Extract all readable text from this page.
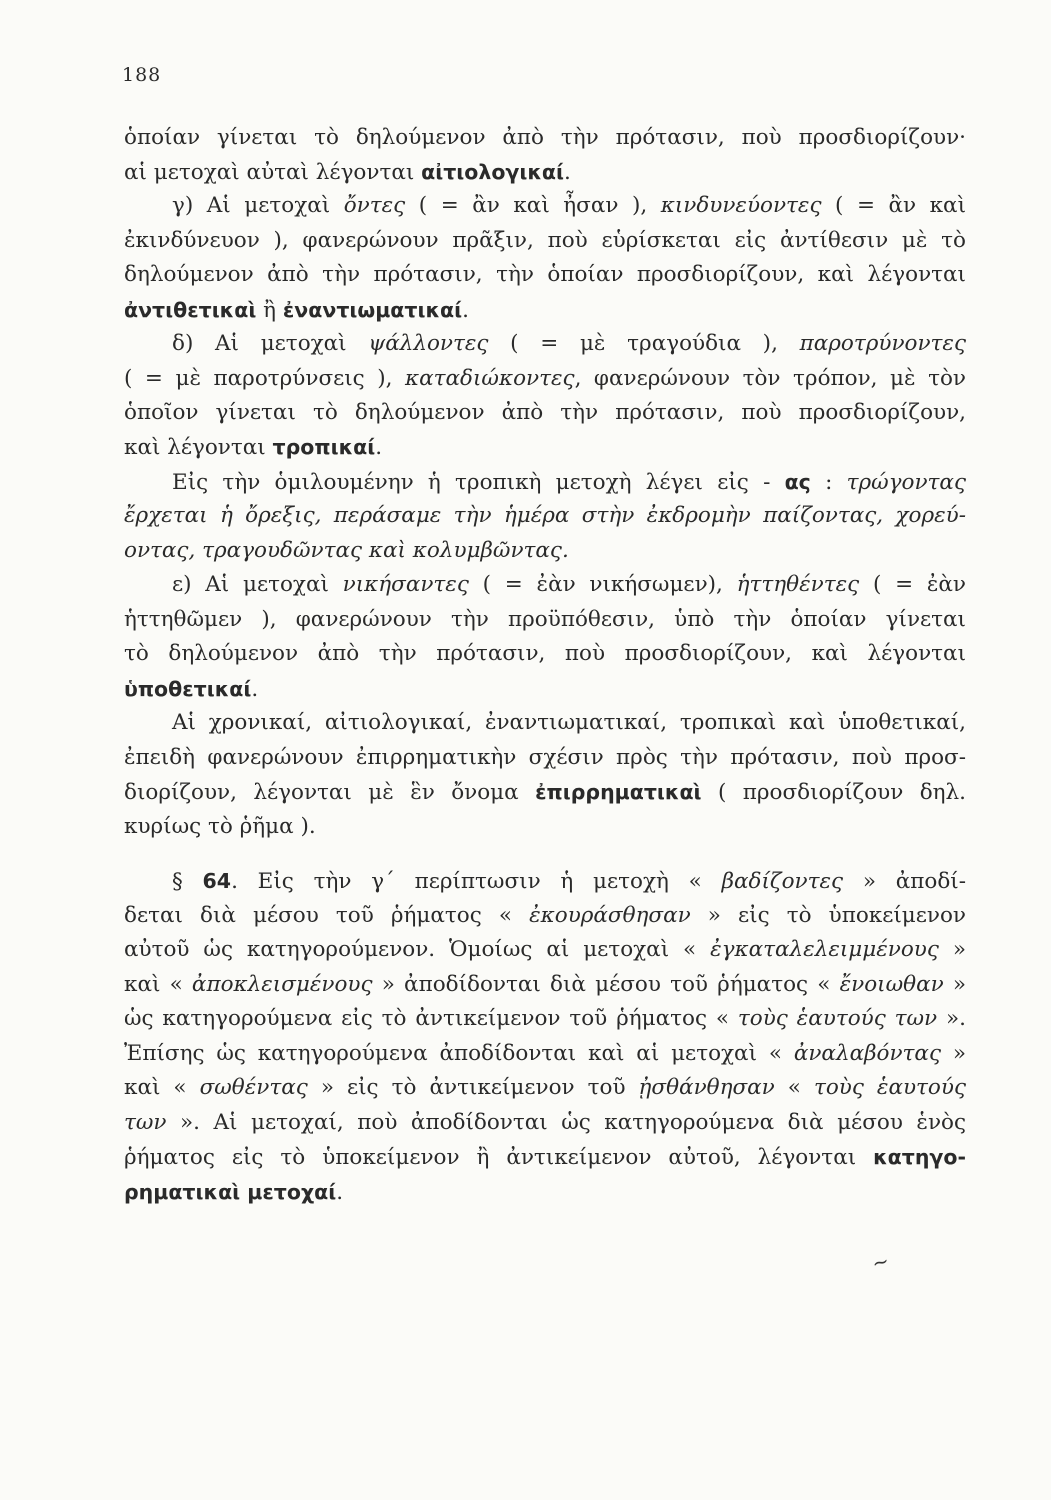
188
ὁποίαν γίνεται τὸ δηλούμενον ἀπὸ τὴν πρότασιν, ποὺ προσδιορίζουν·
αἱ μετοχαὶ αὐταὶ λέγονται αἰτιολογικαί.
γ) Αἱ μετοχαὶ ὄντες ( = ἂν καὶ ἦσαν ), κινδυνεύοντες ( = ἂν καὶ
ἐκινδύνευον ), φανερώνουν πρᾶξιν, ποὺ εὑρίσκεται εἰς ἀντίθεσιν μὲ τὸ
δηλούμενον ἀπὸ τὴν πρότασιν, τὴν ὁποίαν προσδιορίζουν, καὶ λέγονται
ἀντιθετικαὶ ἢ ἐναντιωματικαί.
δ) Αἱ μετοχαὶ ψάλλοντες ( = μὲ τραγούδια ), παροτρύνοντες
( = μὲ παροτρύνσεις ), καταδιώκοντες, φανερώνουν τὸν τρόπον, μὲ τὸν
ὁποῖον γίνεται τὸ δηλούμενον ἀπὸ τὴν πρότασιν, ποὺ προσδιορίζουν,
καὶ λέγονται τροπικαί.
Εἰς τὴν ὁμιλουμένην ἡ τροπικὴ μετοχὴ λέγει εἰς - ας : τρώγοντας
ἔρχεται ἡ ὄρεξις, περάσαμε τὴν ἡμέρα στὴν ἐκδρομὴν παίζοντας, χορεύ-
οντας, τραγουδῶντας καὶ κολυμβῶντας.
ε) Αἱ μετοχαὶ νικήσαντες ( = ἐὰν νικήσωμεν), ἡττηθέντες ( = ἐὰν
ἡττηθῶμεν ), φανερώνουν τὴν προϋπόθεσιν, ὑπὸ τὴν ὁποίαν γίνεται
τὸ δηλούμενον ἀπὸ τὴν πρότασιν, ποὺ προσδιορίζουν, καὶ λέγονται
ὑποθετικαί.
Αἱ χρονικαί, αἰτιολογικαί, ἐναντιωματικαί, τροπικαὶ καὶ ὑποθετικαί,
ἐπειδὴ φανερώνουν ἐπιρρηματικὴν σχέσιν πρὸς τὴν πρότασιν, ποὺ προσ-
διορίζουν, λέγονται μὲ ἓν ὄνομα ἐπιρρηματικαὶ ( προσδιορίζουν δηλ.
κυρίως τὸ ῥῆμα ).
§ 64. Εἰς τὴν γ΄ περίπτωσιν ἡ μετοχὴ « βαδίζοντες » ἀποδί-
δεται διὰ μέσου τοῦ ῥήματος « ἐκουράσθησαν » εἰς τὸ ὑποκείμενον
αὐτοῦ ὡς κατηγορούμενον. Ὁμοίως αἱ μετοχαὶ « ἐγκαταλελειμμένους »
καὶ « ἀποκλεισμένους » ἀποδίδονται διὰ μέσου τοῦ ῥήματος « ἔνοιωθαν »
ὡς κατηγορούμενα εἰς τὸ ἀντικείμενον τοῦ ῥήματος « τοὺς ἑαυτούς των ».
Ἐπίσης ὡς κατηγορούμενα ἀποδίδονται καὶ αἱ μετοχαὶ « ἀναλαβόντας »
καὶ « σωθέντας » εἰς τὸ ἀντικείμενον τοῦ ᾐσθάνθησαν « τοὺς ἑαυτούς
των ». Αἱ μετοχαί, ποὺ ἀποδίδονται ὡς κατηγορούμενα διὰ μέσου ἑνὸς
ῥήματος εἰς τὸ ὑποκείμενον ἢ ἀντικείμενον αὐτοῦ, λέγονται κατηγο-
ρηματικαὶ μετοχαί.
~
